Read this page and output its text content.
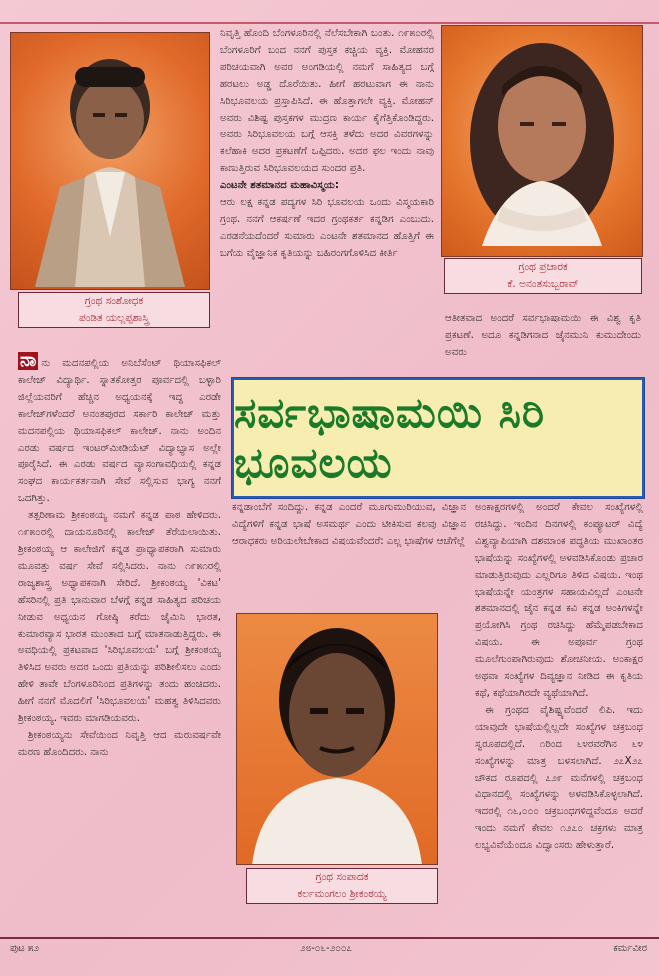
ಗ್ರಂಥ ಸಂಶೋಧಕ
ಪಂಡಿತ ಯಲ್ಲಪ್ಪಶಾಸ್ತ್ರಿ
ಗ್ರಂಥ ಪ್ರಚಾರಕ
ಕೆ. ಅನಂತಸುಬ್ಬರಾವ್

ನಿವೃತ್ತಿ ಹೊಂದಿ ಬೆಂಗಳೂರಿನಲ್ಲಿ ನೆಲೆಸಬೇಕಾಗಿ ಬಂತು. ೧೯೫೦ರಲ್ಲಿ ಬೆಂಗಳೂರಿಗೆ ಬಂದ ನನಗೆ ಪುಸ್ತಕ ಕಚ್ಚಿಯ ವ್ಯಕ್ತಿ. ಮೋಹನರ ಪರಿಚಯವಾಗಿ ಅವರ ಅಂಗಡಿಯಲ್ಲಿ ನಮಗೆ ಸಾಹಿತ್ಯದ ಬಗ್ಗೆ ಹರಟಲು ಅಡ್ಡ ದೊರೆಯಿತು. ಹೀಗೆ ಹರಟುವಾಗ ಈ ನಾನು ಸಿರಿಭೂವಲಯ ಪ್ರಸ್ತಾಪಿಸಿದೆ. ಈ ಹೊತ್ತಾಗಲೇ ವ್ಯಕ್ತಿ. ಮೋಹನ್ ಅವರು ವಿಶಿಷ್ಟ ಪುಸ್ತಕಗಳ ಮುದ್ರಣ ಕಾರ್ಯ ಕೈಗೆತ್ತಿಕೊಂಡಿದ್ದರು. ಅವರು ಸಿರಿಭೂವಲಯ ಬಗ್ಗೆ ಆಸಕ್ತಿ ತಳೆದು ಅದರ ವಿವರಗಳನ್ನು ಕಲೆಹಾಕಿ ಅದರ ಪ್ರಕಟಣೆಗೆ ಒಪ್ಪಿದರು. ಅದರ ಫಲ ಇಂದು ನಾವು ಕಾಣುತ್ತಿರುವ ಸಿರಿಭೂವಲಯದ ಸುಂದರ ಪ್ರತಿ.

ಎಂಟನೇ ಶತಮಾನದ ಮಹಾವಿಸ್ಮಯ:

ಆರು ಲಕ್ಷ ಕನ್ನಡ ಪದ್ಯಗಳ ಸಿರಿ ಭೂವಲಯ ಒಂದು ವಿಸ್ಮಯಕಾರಿ ಗ್ರಂಥ. ನನಗೆ ಆಕರ್ಷಣೆ ಇದರ ಗ್ರಂಥಕರ್ತ ಕನ್ನಡಿಗ ಎಂಬುದು. ಎರಡನೆಯದೆಂದರೆ ಸುಮಾರು ಎಂಟನೇ ಶತಮಾನದ ಹೊತ್ತಿಗೆ ಈ ಬಗೆಯ ವೈಜ್ಞಾನಿಕ ಕೃತಿಯನ್ನು ಬಹಿರಂಗಗೊಳಿಸಿದ ಕೀರ್ತಿ

ಆತೀತವಾದ ಅಂದರೆ ಸರ್ವಭಾಷಾಮಯಿ ಈ ವಿಶ್ವ ಕೃತಿ ಪ್ರಕಟಣೆ. ಅದೂ ಕನ್ನಡಿಗನಾದ ಜೈನಮುನಿ ಕುಮುದೇಂದು ಅವರು

ಸರ್ವಭಾಷಾಮಯಿ ಸಿರಿ ಭೂವಲಯ

ನಾ ನು ಮದನಪಲ್ಲಿಯ ಅನಿಬೆಸೆಂಟ್ ಥಿಯಾಸಫಿಕಲ್ ಕಾಲೇಜ್ ವಿದ್ಯಾರ್ಥಿ. ಸ್ನಾತಕೋತ್ತರ ಪೂರ್ವದಲ್ಲಿ ಬಳ್ಳಾರಿ ಜಿಲ್ಲೆಯವರಿಗೆ ಹೆಚ್ಚಿನ ಅಧ್ಯಯನಕ್ಕೆ ಇದ್ದ ಎರಡೇ ಕಾಲೇಜ್‌ಗಳೆಂದರೆ ಅನಂತಪುರದ ಸರ್ಕಾರಿ ಕಾಲೇಜ್ ಮತ್ತು ಮದನಪಲ್ಲಿಯ ಥಿಯಾಸಫಿಕಲ್ ಕಾಲೇಜ್. ನಾನು ಅಂದಿನ ಎರಡು ವರ್ಷದ ಇಂಟರ್‌ಮೀಡಿಯೆಟ್ ವಿದ್ಯಾಭ್ಯಾಸ ಅಲ್ಲೇ ಪೂರೈಸಿದೆ. ಈ ಎರಡು ವರ್ಷದ ವ್ಯಾಸಂಗಾವಧಿಯಲ್ಲಿ ಕನ್ನಡ ಸಂಘದ ಕಾರ್ಯಕರ್ತನಾಗಿ ಸೇವೆ ಸಲ್ಲಿಸುವ ಭಾಗ್ಯ ನನಗೆ ಒದಗಿತ್ತು.

ತತ್ಪರಿಣಾಮ ಶ್ರೀಕಂಠಯ್ಯ ನಮಗೆ ಕನ್ನಡ ಪಾಠ ಹೇಳಿದರು. ೧೯೫೦ರಲ್ಲಿ ದಾಯನೂರಿನಲ್ಲಿ ಕಾಲೇಜ್ ತೆರೆಯಲಾಯಿತು. ಶ್ರೀಕಂಠಯ್ಯ ಆ ಕಾಲೇಜಿಗೆ ಕನ್ನಡ ಪ್ರಾಧ್ಯಾಪಕರಾಗಿ ಸುಮಾರು ಮೂವತ್ತು ವರ್ಷ ಸೇವೆ ಸಲ್ಲಿಸಿದರು. ನಾನು ೧೯೫೧ರಲ್ಲಿ ರಾಜ್ಯಶಾಸ್ತ್ರ ಅಧ್ಯಾಪಕನಾಗಿ ಸೇರಿದೆ. ಶ್ರೀಕಂಠಯ್ಯ 'ವಿಕಟ' ಹೆಸರಿನಲ್ಲಿ ಪ್ರತಿ ಭಾನುವಾರ ಬೆಳಗ್ಗೆ ಕನ್ನಡ ಸಾಹಿತ್ಯದ ಪರಿಚಯ ನೀಡುವ ಅಧ್ಯಯನ ಗೋಷ್ಠಿ ಕರೆದು ಜೈಮಿನಿ ಭಾರತ, ಕುಮಾರವ್ಯಾಸ ಭಾರತ ಮುಂತಾದ ಬಗ್ಗೆ ಮಾತನಾಡುತ್ತಿದ್ದರು. ಈ ಅವಧಿಯಲ್ಲಿ ಪ್ರಕಟವಾದ 'ಸಿರಿಭೂವಲಯ' ಬಗ್ಗೆ ಶ್ರೀಕಂಠಯ್ಯ ತಿಳಿಸಿದ ಅವರು ಅದರ ಒಂದು ಪ್ರತಿಯನ್ನು ಪರಿಶೀಲಿಸಲು ಎಂದು ಹೇಳಿ ತಾವೇ ಬೆಂಗಳೂರಿನಿಂದ ಪ್ರತಿಗಳನ್ನು ತಂದು ಹಂಚಿದರು. ಹೀಗೆ ನನಗೆ ಮೊದಲಿಗೆ 'ಸಿರಿಭೂವಲಯ' ಮಹತ್ವ ತಿಳಿಸಿದವರು ಶ್ರೀಕಂಠಯ್ಯ. ಇವರು ಮಾಗಡಿಯವರು.

ಶ್ರೀಕಂಠಯ್ಯನು ಸೇವೆಯಿಂದ ನಿವೃತ್ತಿ ಆದ ಮರುವರ್ಷವೇ ಮರಣ ಹೊಂದಿದರು. ನಾನು

ಕನ್ನಡಾಂಬೆಗೆ ಸಂದಿದ್ದು. ಕನ್ನಡ ಎಂದರೆ ಮೂಗುಮುರಿಯುವ, ವಿಜ್ಞಾನ ವಿದ್ಯೆಗಳಿಗೆ ಕನ್ನಡ ಭಾಷೆ ಅಸಮರ್ಥ ಎಂದು ಟೀಕಿಸುವ ಕಲವು ವಿಜ್ಞಾನ ಆರಾಧಕರು ಅರಿಯಲೇಬೇಕಾದ ವಿಷಯವೆಂದರೆ: ಎಲ್ಲ ಭಾಷೆಗಳ ಆಚೆಗೆಲ್ಲೆ

ಗ್ರಂಥ ಸಂಪಾದಕ
ಕರ್ಲಮಂಗಲಂ ಶ್ರೀಕಂಠಯ್ಯ

ಅಂಕಾಕ್ಷರಗಳಲ್ಲಿ ಅಂದರೆ ಕೇವಲ ಸಂಖ್ಯೆಗಳಲ್ಲಿ ರಚಿಸಿದ್ದು. ಇಂದಿನ ದಿನಗಳಲ್ಲಿ ಕಂಪ್ಯೂಟರ್ ವಿದ್ಯೆ ವಿಶ್ವವ್ಯಾಪಿಯಾಗಿ ದಶಮಾಂಕ ಪದ್ಧತಿಯ ಮುಖಾಂತರ ಭಾಷೆಯನ್ನು ಸಂಖ್ಯೆಗಳಲ್ಲಿ ಅಳವಡಿಸಿಕೊಂಡು ಪ್ರಚಾರ ಮಾಡುತ್ತಿರುವುದು ಎಲ್ಲರಿಗೂ ತಿಳಿದ ವಿಷಯ. ಇಂಥ ಭಾಷೆಯನ್ನೇ ಯಂತ್ರಗಳ ಸಹಾಯವಿಲ್ಲದೆ ಎಂಟನೇ ಶತಮಾನದಲ್ಲಿ ಜೈನ ಕನ್ನಡ ಕವಿ ಕನ್ನಡ ಅಂಕಿಗಳನ್ನೇ ಪ್ರಯೋಗಿಸಿ ಗ್ರಂಥ ರಚಿಸಿದ್ದು ಹೆಮ್ಮೆಪಡಬೇಕಾದ ವಿಷಯ. ಈ ಅಪೂರ್ವ ಗ್ರಂಥ ಮೂಲೆಗುಂಪಾಗಿರುವುದು ಶೋಚನೀಯ. ಅಂಕಾಕ್ಷರ ಅಥವಾ ಸಂಖ್ಯೆಗಳ ದಿವ್ಯಜ್ಞಾನ ನೀಡಿದ ಈ ಕೃತಿಯ ಕಥೆ, ಕಥೆಯಾಗಿರದೇ ವ್ಯಥೆಯಾಗಿದೆ.

ಈ ಗ್ರಂಥದ ವೈಶಿಷ್ಟ್ಯವೆಂದರೆ ಲಿಪಿ. ಇದು ಯಾವುದೇ ಭಾಷೆಯಲ್ಲಿಲ್ಲದೇ ಸಂಖ್ಯೆಗಳ ಚಕ್ರಬಂಧ ಸ್ವರೂಪದಲ್ಲಿದೆ. ೧ರಿಂದ ೬೪ರವರೆಗಿನ ೬೪ ಸಂಖ್ಯೆಗಳನ್ನು ಮಾತ್ರ ಬಳಸಲಾಗಿದೆ. ೨೭X೨೭ ಚೌಕದ ರೂಪದಲ್ಲಿ ೭೨೯ ಮನೆಗಳಲ್ಲಿ ಚಕ್ರಬಂಧ ವಿಧಾನದಲ್ಲಿ ಸಂಖ್ಯೆಗಳನ್ನು ಅಳವಡಿಸಿಕೊಳ್ಳಲಾಗಿದೆ. ಇದರಲ್ಲಿ ೧೬,೦೦೦ ಚಕ್ರಬಂಧಗಳಿದ್ದವೆಂದೂ ಅದರೆ ಇಂದು ನಮಗೆ ಕೇವಲ ೧೨೭೦ ಚಕ್ರಗಳು ಮಾತ್ರ ಲಭ್ಯವಿವೆಯೆಂದೂ ವಿದ್ವಾಂಸರು ಹೇಳುತ್ತಾರೆ.

ಪುಟ ೫೨	೨೮-೦೬-೨೦೦೭	ಕರ್ಮವೀರ
